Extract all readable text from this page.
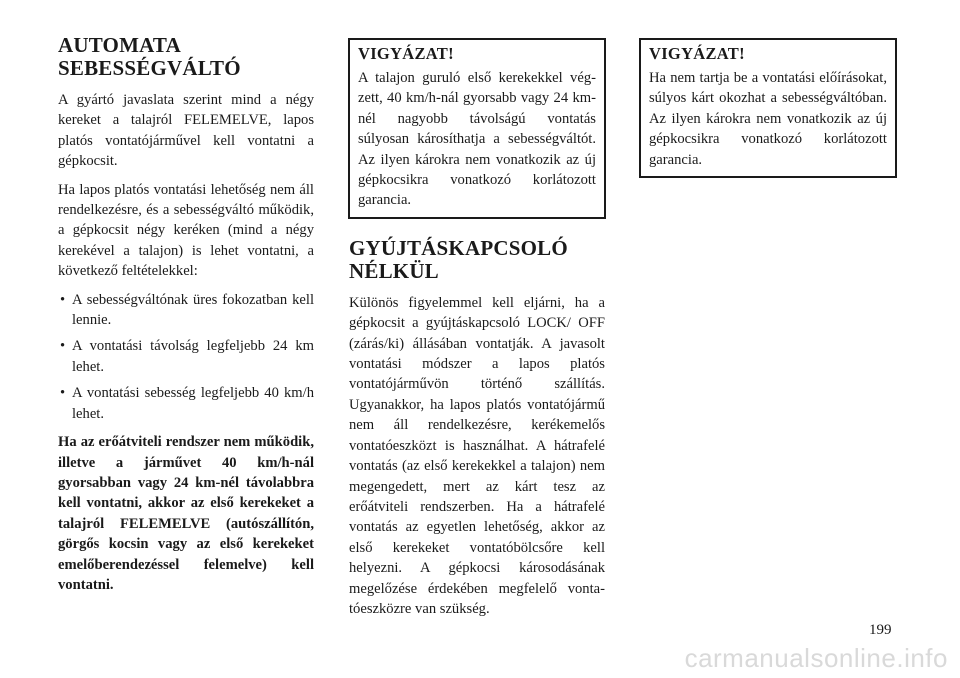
AUTOMATA
SEBESSÉGVÁLTÓ

A gyártó javaslata szerint mind a négy kereket a talajról FELEMELVE, lapos platós vontatójárművel kell vontatni a gépkocsit.

Ha lapos platós vontatási lehetőség nem áll rendelkezésre, és a sebességváltó működik, a gépkocsit négy keréken (mind a négy kerekével a talajon) is lehet vontatni, a következő feltételekkel:

• A sebességváltónak üres fokozatban kell lennie.
• A vontatási távolság legfeljebb 24 km lehet.
• A vontatási sebesség legfeljebb 40 km/h lehet.

Ha az erőátviteli rendszer nem működik, illetve a járművet 40 km/h-nál gyorsabban vagy 24 km-nél távolabbra kell vontatni, akkor az első kerekeket a talajról FELEMELVE (autószállítón, görgős kocsin vagy az első kerekeket emelőberendezéssel felemelve) kell vontatni.

VIGYÁZAT!

A talajon guruló első kerekekkel végzett, 40 km/h-nál gyorsabb vagy 24 km-nél nagyobb távolságú vontatás súlyosan károsíthatja a sebességváltót. Az ilyen károkra nem vonatkozik az új gépkocsikra vonatkozó korlátozott garancia.

GYÚJTÁSKAPCSOLÓ
NÉLKÜL

Különös figyelemmel kell eljárni, ha a gépkocsit a gyújtáskapcsoló LOCK/ OFF (zárás/ki) állásában vontatják. A javasolt vontatási módszer a lapos platós vontatójárművön történő szállítás. Ugyanakkor, ha lapos platós vontatójármű nem áll rendelkezésre, kerékemelős vontatóeszközt is használhat. A hátrafelé vontatás (az első kerekekkel a talajon) nem megengedett, mert az kárt tesz az erőátviteli rendszerben. Ha a hátrafelé vontatás az egyetlen lehetőség, akkor az első kerekeket vontatóbölcsőre kell helyezni. A gépkocsi károsodásának megelőzése érdekében megfelelő vontatóeszközre van szükség.

VIGYÁZAT!

Ha nem tartja be a vontatási előírásokat, súlyos kárt okozhat a sebességváltóban. Az ilyen károkra nem vonatkozik az új gépkocsikra vonatkozó korlátozott garancia.

199
carmanualsonline.info
